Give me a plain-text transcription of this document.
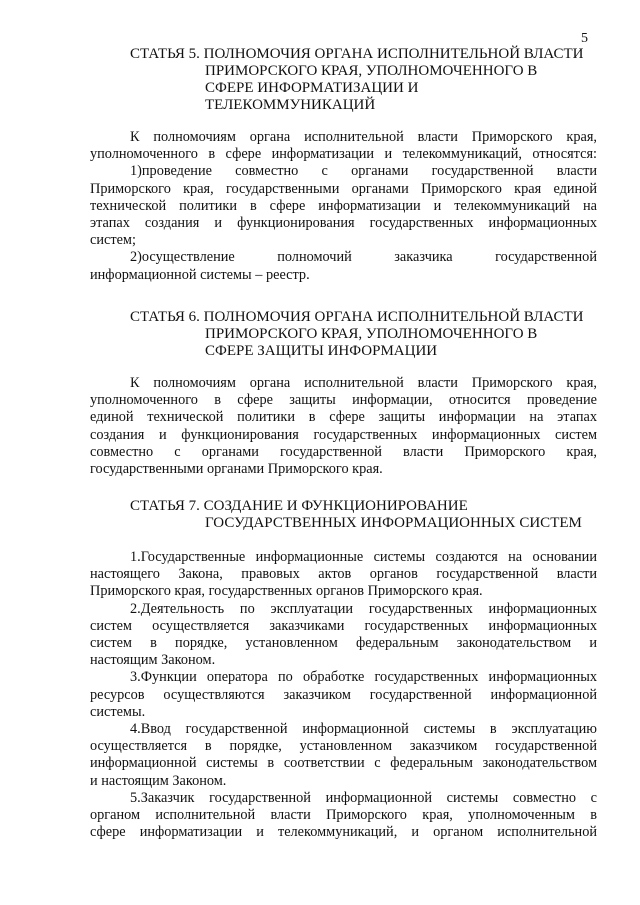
5
СТАТЬЯ 5. ПОЛНОМОЧИЯ ОРГАНА ИСПОЛНИТЕЛЬНОЙ ВЛАСТИ
ПРИМОРСКОГО КРАЯ, УПОЛНОМОЧЕННОГО В
СФЕРЕ ИНФОРМАТИЗАЦИИ И
ТЕЛЕКОММУНИКАЦИЙ
К полномочиям органа исполнительной власти Приморского края,
уполномоченного в сфере информатизации и телекоммуникаций, относятся:
1)проведение совместно с органами государственной власти
Приморского края, государственными органами Приморского края единой
технической политики в сфере информатизации и телекоммуникаций на
этапах создания и функционирования государственных информационных
систем;
2)осуществление полномочий заказчика государственной
информационной системы – реестр.
СТАТЬЯ 6. ПОЛНОМОЧИЯ ОРГАНА ИСПОЛНИТЕЛЬНОЙ ВЛАСТИ
ПРИМОРСКОГО КРАЯ, УПОЛНОМОЧЕННОГО В
СФЕРЕ ЗАЩИТЫ ИНФОРМАЦИИ
К полномочиям органа исполнительной власти Приморского края,
уполномоченного в сфере защиты информации, относится проведение
единой технической политики в сфере защиты информации на этапах
создания и функционирования государственных информационных систем
совместно с органами государственной власти Приморского края,
государственными органами Приморского края.
СТАТЬЯ 7. СОЗДАНИЕ И ФУНКЦИОНИРОВАНИЕ
ГОСУДАРСТВЕННЫХ ИНФОРМАЦИОННЫХ СИСТЕМ
1.Государственные информационные системы создаются на основании
настоящего Закона, правовых актов органов государственной власти
Приморского края, государственных органов Приморского края.
2.Деятельность по эксплуатации государственных информационных
систем осуществляется заказчиками государственных информационных
систем в порядке, установленном федеральным законодательством и
настоящим Законом.
3.Функции оператора по обработке государственных информационных
ресурсов осуществляются заказчиком государственной информационной
системы.
4.Ввод государственной информационной системы в эксплуатацию
осуществляется в порядке, установленном заказчиком государственной
информационной системы в соответствии с федеральным законодательством
и настоящим Законом.
5.Заказчик государственной информационной системы совместно с
органом исполнительной власти Приморского края, уполномоченным в
сфере информатизации и телекоммуникаций, и органом исполнительной
